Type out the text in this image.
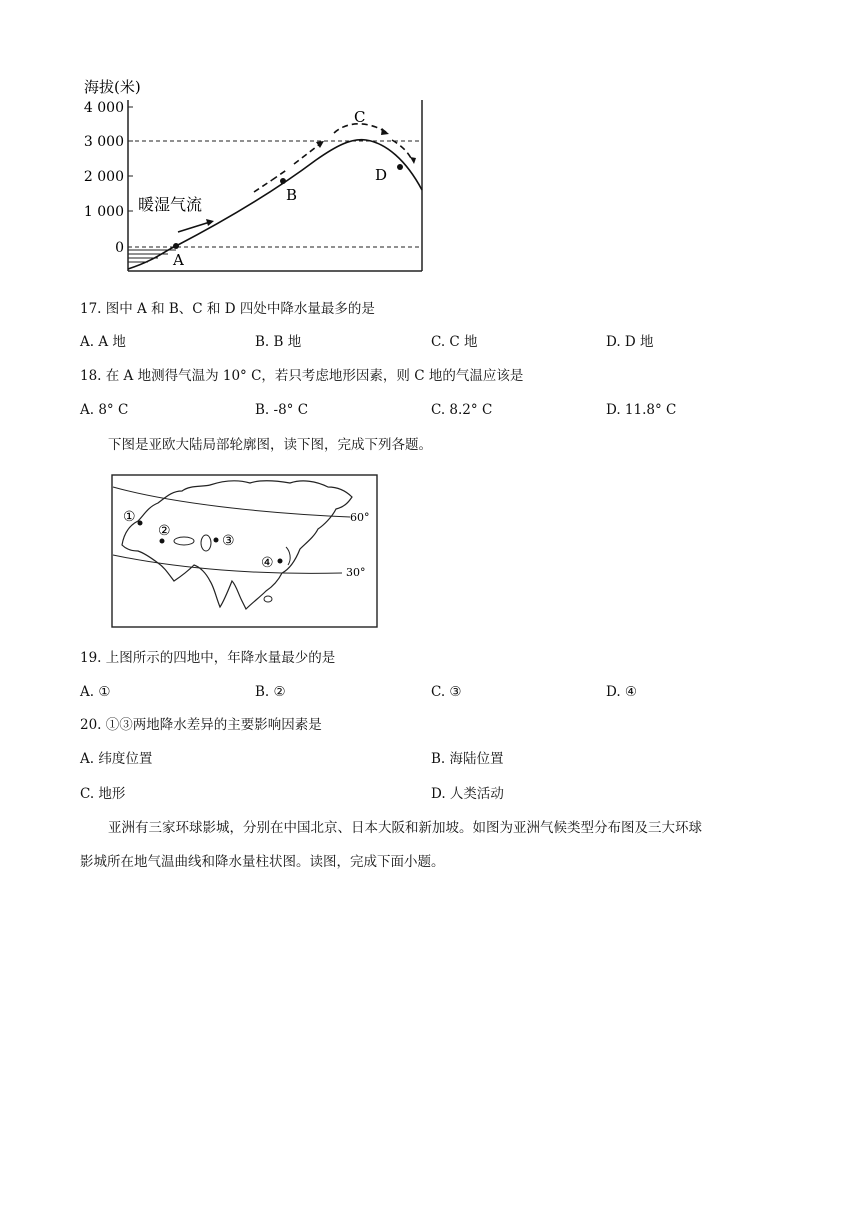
海拔(米)
4 000
3 000
2 000
1 000
0
A
B
C
D
暖湿气流
17. 图中 A 和 B、C 和 D 四处中降水量最多的是
A. A 地	B. B 地	C. C 地	D. D 地
18. 在 A 地测得气温为 10° C，若只考虑地形因素，则 C 地的气温应该是
A. 8° C	B. -8° C	C. 8.2° C	D. 11.8° C
下图是亚欧大陆局部轮廓图，读下图，完成下列各题。
60°
30°
①
②
③
④
19. 上图所示的四地中，年降水量最少的是
A. ①	B. ②	C. ③	D. ④
20. ①③两地降水差异的主要影响因素是
A. 纬度位置	B. 海陆位置
C. 地形	D. 人类活动
亚洲有三家环球影城，分别在中国北京、日本大阪和新加坡。如图为亚洲气候类型分布图及三大环球
影城所在地气温曲线和降水量柱状图。读图，完成下面小题。
